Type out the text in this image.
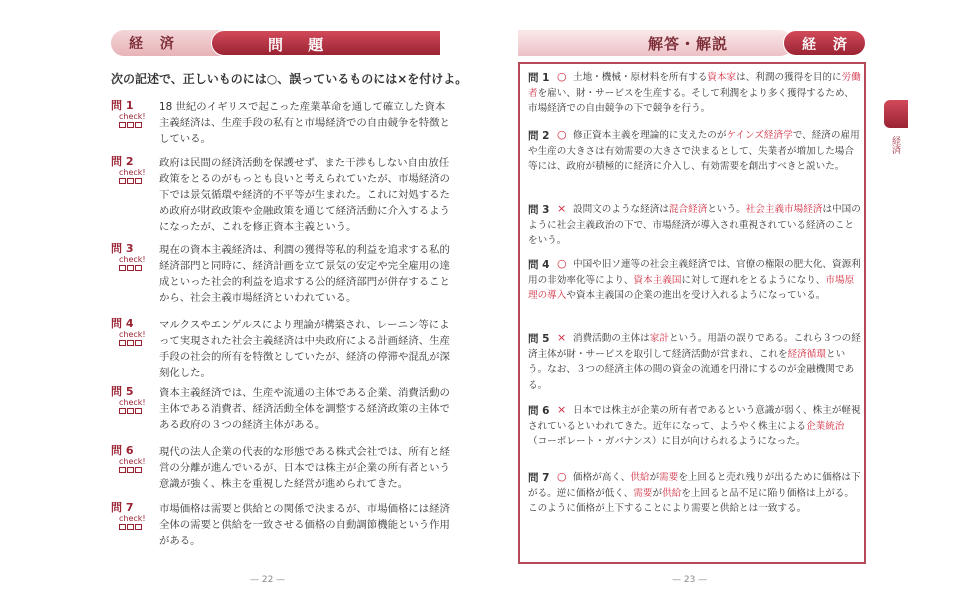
経 済	問 題
次の記述で、正しいものには○、誤っているものには×を付けよ。
問 1
check!
18 世紀のイギリスで起こった産業革命を通して確立した資本主義経済は、生産手段の私有と市場経済での自由競争を特徴としている。
問 2
check!
政府は民間の経済活動を保護せず、また干渉もしない自由放任政策をとるのがもっとも良いと考えられていたが、市場経済の下では景気循環や経済的不平等が生まれた。これに対処するため政府が財政政策や金融政策を通じて経済活動に介入するようになったが、これを修正資本主義という。
問 3
check!
現在の資本主義経済は、利潤の獲得等私的利益を追求する私的経済部門と同時に、経済計画を立て景気の安定や完全雇用の達成といった社会的利益を追求する公的経済部門が併存することから、社会主義市場経済といわれている。
問 4
check!
マルクスやエンゲルスにより理論が構築され、レーニン等によって実現された社会主義経済は中央政府による計画経済、生産手段の社会的所有を特徴としていたが、経済の停滞や混乱が深刻化した。
問 5
check!
資本主義経済では、生産や流通の主体である企業、消費活動の主体である消費者、経済活動全体を調整する経済政策の主体である政府の３つの経済主体がある。
問 6
check!
現代の法人企業の代表的な形態である株式会社では、所有と経営の分離が進んでいるが、日本では株主が企業の所有者という意識が強く、株主を重視した経営が進められてきた。
問 7
check!
市場価格は需要と供給との関係で決まるが、市場価格には経済全体の需要と供給を一致させる価格の自動調節機能という作用がある。
— 22 —
解答・解説	経 済
問 1 ○ 土地・機械・原材料を所有する資本家は、利潤の獲得を目的に労働者を雇い、財・サービスを生産する。そして利潤をより多く獲得するため、市場経済での自由競争の下で競争を行う。
問 2 ○ 修正資本主義を理論的に支えたのがケインズ経済学で、経済の雇用や生産の大きさは有効需要の大きさで決まるとして、失業者が増加した場合等には、政府が積極的に経済に介入し、有効需要を創出すべきと説いた。
問 3 × 設問文のような経済は混合経済という。社会主義市場経済は中国のように社会主義政治の下で、市場経済が導入され重視されている経済のことをいう。
問 4 ○ 中国や旧ソ連等の社会主義経済では、官僚の権限の肥大化、資源利用の非効率化等により、資本主義国に対して遅れをとるようになり、市場原理の導入や資本主義国の企業の進出を受け入れるようになっている。
問 5 × 消費活動の主体は家計という。用語の誤りである。これら３つの経済主体が財・サービスを取引して経済活動が営まれ、これを経済循環という。なお、３つの経済主体の間の資金の流通を円滑にするのが金融機関である。
問 6 × 日本では株主が企業の所有者であるという意識が弱く、株主が軽視されているといわれてきた。近年になって、ようやく株主による企業統治（コーポレート・ガバナンス）に目が向けられるようになった。
問 7 ○ 価格が高く、供給が需要を上回ると売れ残りが出るために価格は下がる。逆に価格が低く、需要が供給を上回ると品不足に陥り価格は上がる。このように価格が上下することにより需要と供給とは一致する。
経済
— 23 —
